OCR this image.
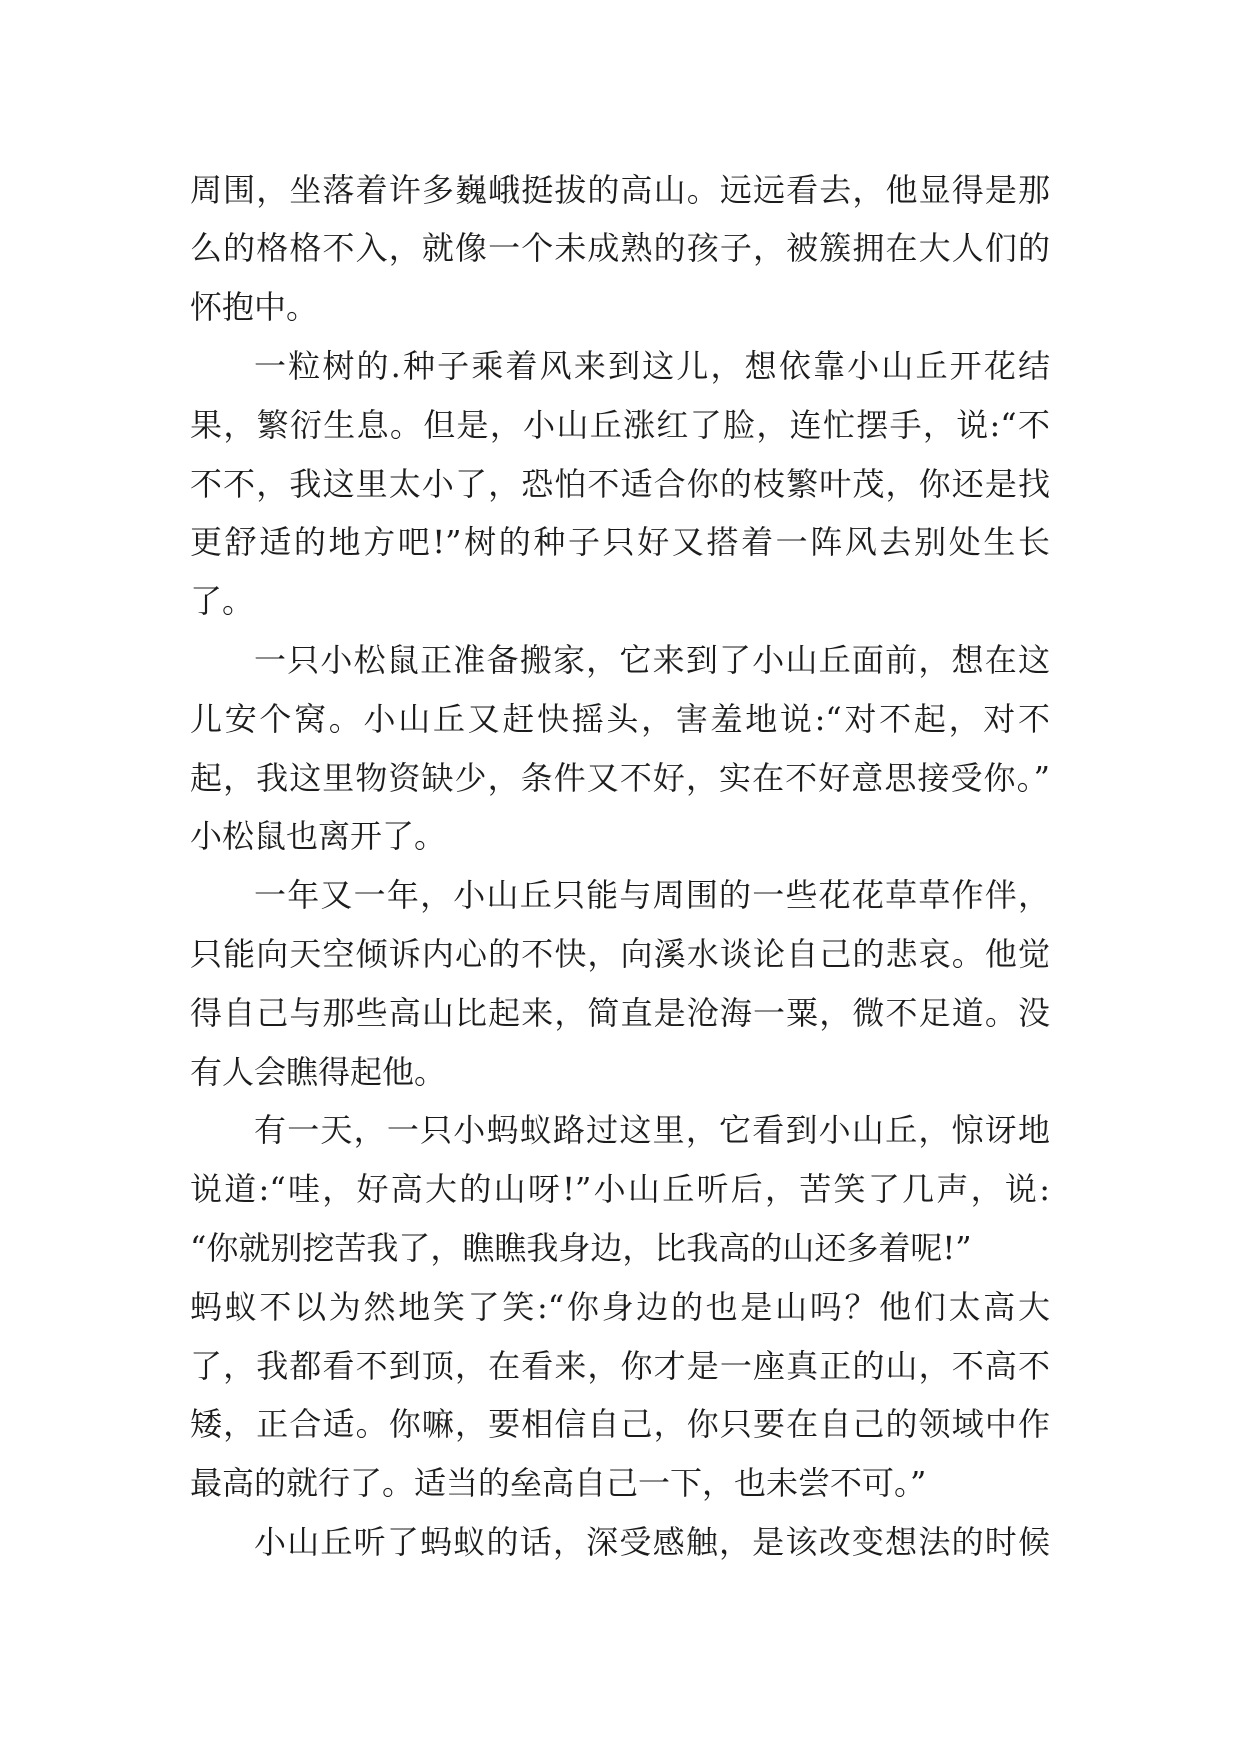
周围，坐落着许多巍峨挺拔的高山。远远看去，他显得是那
么的格格不入，就像一个未成熟的孩子，被簇拥在大人们的
怀抱中。
一粒树的.种子乘着风来到这儿，想依靠小山丘开花结
果，繁衍生息。但是，小山丘涨红了脸，连忙摆手，说:“不
不不，我这里太小了，恐怕不适合你的枝繁叶茂，你还是找
更舒适的地方吧!”树的种子只好又搭着一阵风去别处生长
了。
一只小松鼠正准备搬家，它来到了小山丘面前，想在这
儿安个窝。小山丘又赶快摇头，害羞地说:“对不起，对不
起，我这里物资缺少，条件又不好，实在不好意思接受你。”
小松鼠也离开了。
一年又一年，小山丘只能与周围的一些花花草草作伴，
只能向天空倾诉内心的不快，向溪水谈论自己的悲哀。他觉
得自己与那些高山比起来，简直是沧海一粟，微不足道。没
有人会瞧得起他。
有一天，一只小蚂蚁路过这里，它看到小山丘，惊讶地
说道:“哇，好高大的山呀!”小山丘听后，苦笑了几声，说:
“你就别挖苦我了，瞧瞧我身边，比我高的山还多着呢!”
蚂蚁不以为然地笑了笑:“你身边的也是山吗？他们太高大
了，我都看不到顶，在看来，你才是一座真正的山，不高不
矮，正合适。你嘛，要相信自己，你只要在自己的领域中作
最高的就行了。适当的垒高自己一下，也未尝不可。”
小山丘听了蚂蚁的话，深受感触，是该改变想法的时候
